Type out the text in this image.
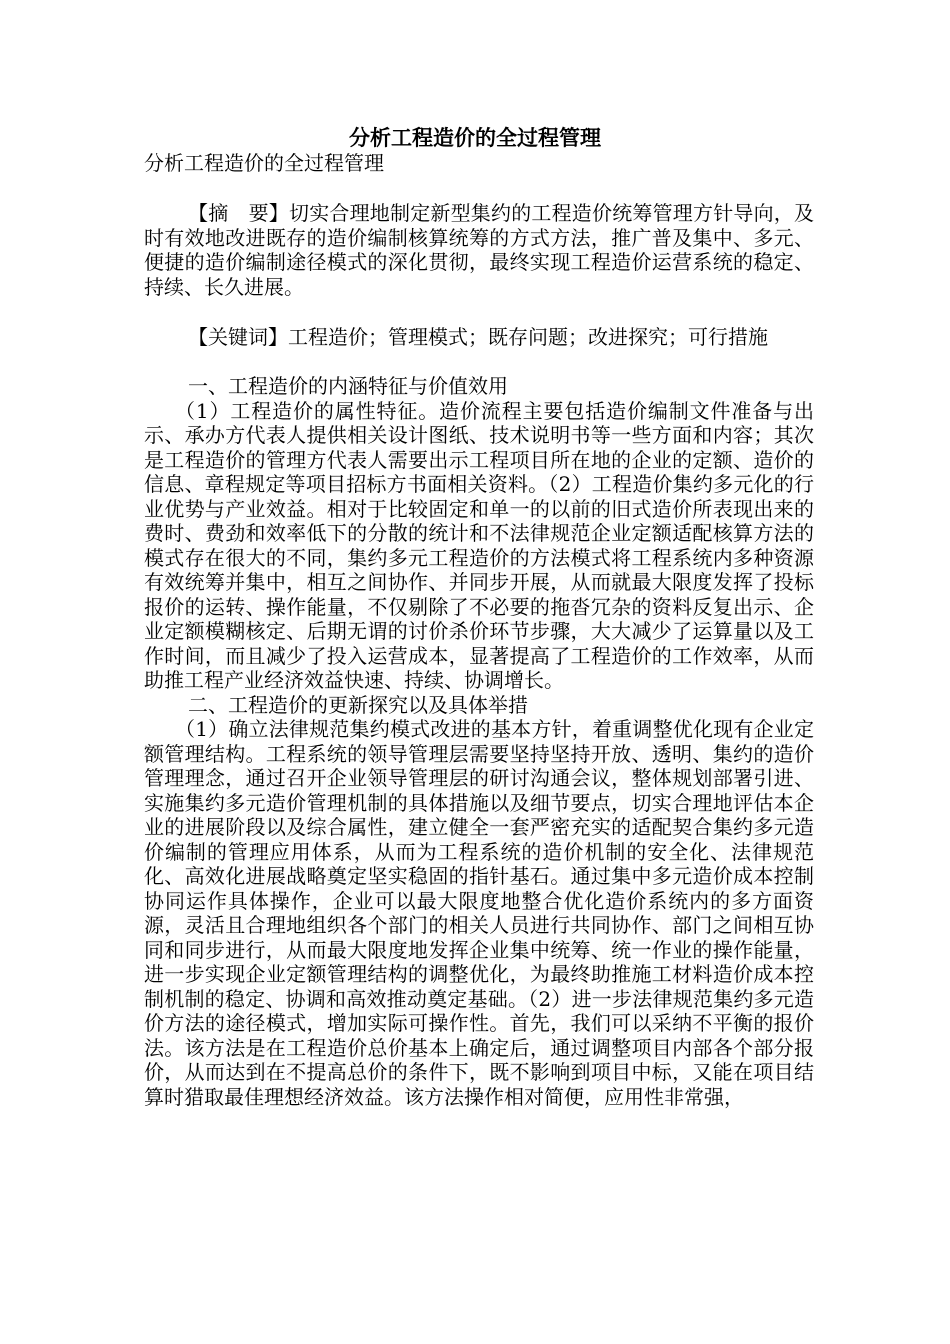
分析工程造价的全过程管理

分析工程造价的全过程管理

【摘　要】切实合理地制定新型集约的工程造价统筹管理方针导向，及时有效地改进既存的造价编制核算统筹的方式方法，推广普及集中、多元、便捷的造价编制途径模式的深化贯彻，最终实现工程造价运营系统的稳定、持续、长久进展。

【关键词】工程造价；管理模式；既存问题；改进探究；可行措施

一、工程造价的内涵特征与价值效用

（1）工程造价的属性特征。造价流程主要包括造价编制文件准备与出示、承办方代表人提供相关设计图纸、技术说明书等一些方面和内容；其次是工程造价的管理方代表人需要出示工程项目所在地的企业的定额、造价的信息、章程规定等项目招标方书面相关资料。（2）工程造价集约多元化的行业优势与产业效益。相对于比较固定和单一的以前的旧式造价所表现出来的费时、费劲和效率低下的分散的统计和不法律规范企业定额适配核算方法的模式存在很大的不同，集约多元工程造价的方法模式将工程系统内多种资源有效统筹并集中，相互之间协作、并同步开展，从而就最大限度发挥了投标报价的运转、操作能量，不仅剔除了不必要的拖沓冗杂的资料反复出示、企业定额模糊核定、后期无谓的讨价杀价环节步骤，大大减少了运算量以及工作时间，而且减少了投入运营成本，显著提高了工程造价的工作效率，从而助推工程产业经济效益快速、持续、协调增长。

二、工程造价的更新探究以及具体举措

（1）确立法律规范集约模式改进的基本方针，着重调整优化现有企业定额管理结构。工程系统的领导管理层需要坚持坚持开放、透明、集约的造价管理理念，通过召开企业领导管理层的研讨沟通会议，整体规划部署引进、实施集约多元造价管理机制的具体措施以及细节要点，切实合理地评估本企业的进展阶段以及综合属性，建立健全一套严密充实的适配契合集约多元造价编制的管理应用体系，从而为工程系统的造价机制的安全化、法律规范化、高效化进展战略奠定坚实稳固的指针基石。通过集中多元造价成本控制协同运作具体操作，企业可以最大限度地整合优化造价系统内的多方面资源，灵活且合理地组织各个部门的相关人员进行共同协作、部门之间相互协同和同步进行，从而最大限度地发挥企业集中统筹、统一作业的操作能量，进一步实现企业定额管理结构的调整优化，为最终助推施工材料造价成本控制机制的稳定、协调和高效推动奠定基础。（2）进一步法律规范集约多元造价方法的途径模式，增加实际可操作性。首先，我们可以采纳不平衡的报价法。该方法是在工程造价总价基本上确定后，通过调整项目内部各个部分报价，从而达到在不提高总价的条件下，既不影响到项目中标，又能在项目结算时猎取最佳理想经济效益。该方法操作相对简便，应用性非常强，
